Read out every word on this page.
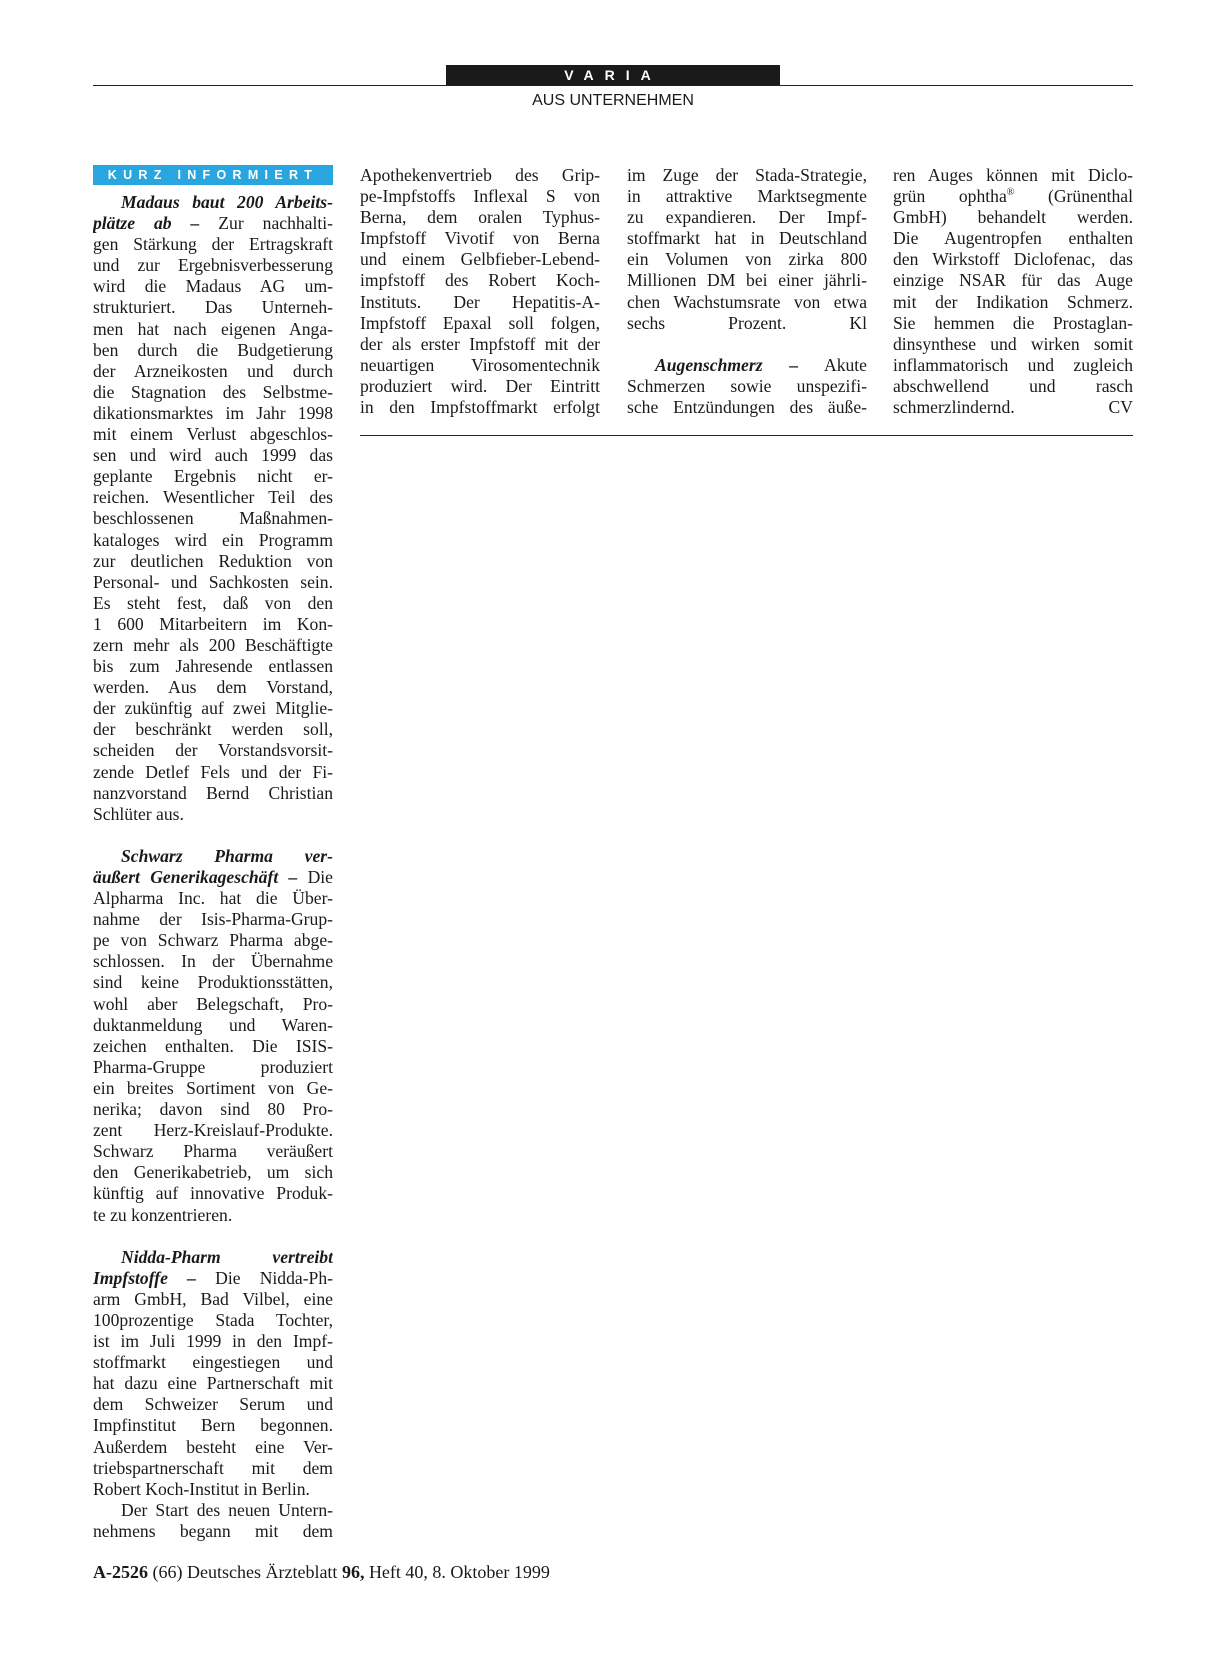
VARIA
AUS UNTERNEHMEN
KURZ INFORMIERT
Madaus baut 200 Arbeits-
plätze ab – Zur nachhalti-
gen Stärkung der Ertragskraft
und zur Ergebnisverbesserung
wird die Madaus AG um-
strukturiert. Das Unterneh-
men hat nach eigenen Anga-
ben durch die Budgetierung
der Arzneikosten und durch
die Stagnation des Selbstme-
dikationsmarktes im Jahr 1998
mit einem Verlust abgeschlos-
sen und wird auch 1999 das
geplante Ergebnis nicht er-
reichen. Wesentlicher Teil des
beschlossenen Maßnahmen-
kataloges wird ein Programm
zur deutlichen Reduktion von
Personal- und Sachkosten sein.
Es steht fest, daß von den
1 600 Mitarbeitern im Kon-
zern mehr als 200 Beschäftigte
bis zum Jahresende entlassen
werden. Aus dem Vorstand,
der zukünftig auf zwei Mitglie-
der beschränkt werden soll,
scheiden der Vorstandsvorsit-
zende Detlef Fels und der Fi-
nanzvorstand Bernd Christian
Schlüter aus.
Schwarz Pharma ver-
äußert Generikageschäft – Die
Alpharma Inc. hat die Über-
nahme der Isis-Pharma-Grup-
pe von Schwarz Pharma abge-
schlossen. In der Übernahme
sind keine Produktionsstätten,
wohl aber Belegschaft, Pro-
duktanmeldung und Waren-
zeichen enthalten. Die ISIS-
Pharma-Gruppe produziert
ein breites Sortiment von Ge-
nerika; davon sind 80 Pro-
zent Herz-Kreislauf-Produkte.
Schwarz Pharma veräußert
den Generikabetrieb, um sich
künftig auf innovative Produk-
te zu konzentrieren.
Nidda-Pharm vertreibt
Impfstoffe – Die Nidda-Ph-
arm GmbH, Bad Vilbel, eine
100prozentige Stada Tochter,
ist im Juli 1999 in den Impf-
stoffmarkt eingestiegen und
hat dazu eine Partnerschaft mit
dem Schweizer Serum und
Impfinstitut Bern begonnen.
Außerdem besteht eine Ver-
triebspartnerschaft mit dem
Robert Koch-Institut in Berlin.
Der Start des neuen Untern-
nehmens begann mit dem
Apothekenvertrieb des Grip-
pe-Impfstoffs Inflexal S von
Berna, dem oralen Typhus-
Impfstoff Vivotif von Berna
und einem Gelbfieber-Lebend-
impfstoff des Robert Koch-
Instituts. Der Hepatitis-A-
Impfstoff Epaxal soll folgen,
der als erster Impfstoff mit der
neuartigen Virosomentechnik
produziert wird. Der Eintritt
in den Impfstoffmarkt erfolgt
im Zuge der Stada-Strategie,
in attraktive Marktsegmente
zu expandieren. Der Impf-
stoffmarkt hat in Deutschland
ein Volumen von zirka 800
Millionen DM bei einer jährli-
chen Wachstumsrate von etwa
sechs Prozent.	Kl
Augenschmerz – Akute
Schmerzen sowie unspezifi-
sche Entzündungen des äuße-
ren Auges können mit Diclo-
grün ophtha® (Grünenthal
GmbH) behandelt werden.
Die Augentropfen enthalten
den Wirkstoff Diclofenac, das
einzige NSAR für das Auge
mit der Indikation Schmerz.
Sie hemmen die Prostaglan-
dinsynthese und wirken somit
inflammatorisch und zugleich
abschwellend und rasch
schmerzlindernd.	CV
A-2526 (66) Deutsches Ärzteblatt 96, Heft 40, 8. Oktober 1999
